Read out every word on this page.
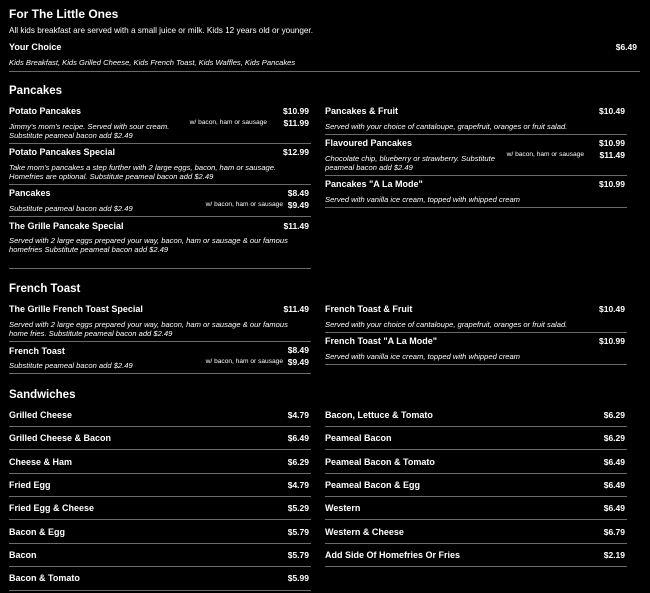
For The Little Ones
All kids breakfast are served with a small juice or milk. Kids 12 years old or younger.
Your Choice	$6.49
Kids Breakfast, Kids Grilled Cheese, Kids French Toast, Kids Waffles, Kids Pancakes
Pancakes
Potato Pancakes	$10.99
w/ bacon, ham or sausage $11.99
Jimmy's mom's recipe. Served with sour cream. Substitute peameal bacon add $2.49
Potato Pancakes Special	$12.99
Take mom's pancakes a step further with 2 large eggs, bacon, ham or sausage. Homefries are optional. Substitute peameal bacon add $2.49
Pancakes	$8.49
w/ bacon, ham or sausage $9.49
Substitute peameal bacon add $2.49
The Grille Pancake Special	$11.49
Served with 2 large eggs prepared your way, bacon, ham or sausage & our famous homefries Substitute peameal bacon add $2.49
Pancakes & Fruit	$10.49
Served with your choice of cantaloupe, grapefruit, oranges or fruit salad.
Flavoured Pancakes	$10.99
w/ bacon, ham or sausage $11.49
Chocolate chip, blueberry or strawberry. Substitute peameal bacon add $2.49
Pancakes "A La Mode"	$10.99
Served with vanilla ice cream, topped with whipped cream
French Toast
The Grille French Toast Special	$11.49
Served with 2 large eggs prepared your way, bacon, ham or sausage & our famous home fries. Substitute peameal bacon add $2.49
French Toast	$8.49
w/ bacon, ham or sausage $9.49
Substitute peameal bacon add $2.49
French Toast & Fruit	$10.49
Served with your choice of cantaloupe, grapefruit, oranges or fruit salad.
French Toast "A La Mode"	$10.99
Served with vanilla ice cream, topped with whipped cream
Sandwiches
Grilled Cheese	$4.79
Grilled Cheese & Bacon	$6.49
Cheese & Ham	$6.29
Fried Egg	$4.79
Fried Egg & Cheese	$5.29
Bacon & Egg	$5.79
Bacon	$5.79
Bacon & Tomato	$5.99
Bacon, Lettuce & Tomato	$6.29
Peameal Bacon	$6.29
Peameal Bacon & Tomato	$6.49
Peameal Bacon & Egg	$6.49
Western	$6.49
Western & Cheese	$6.79
Add Side Of Homefries Or Fries	$2.19
